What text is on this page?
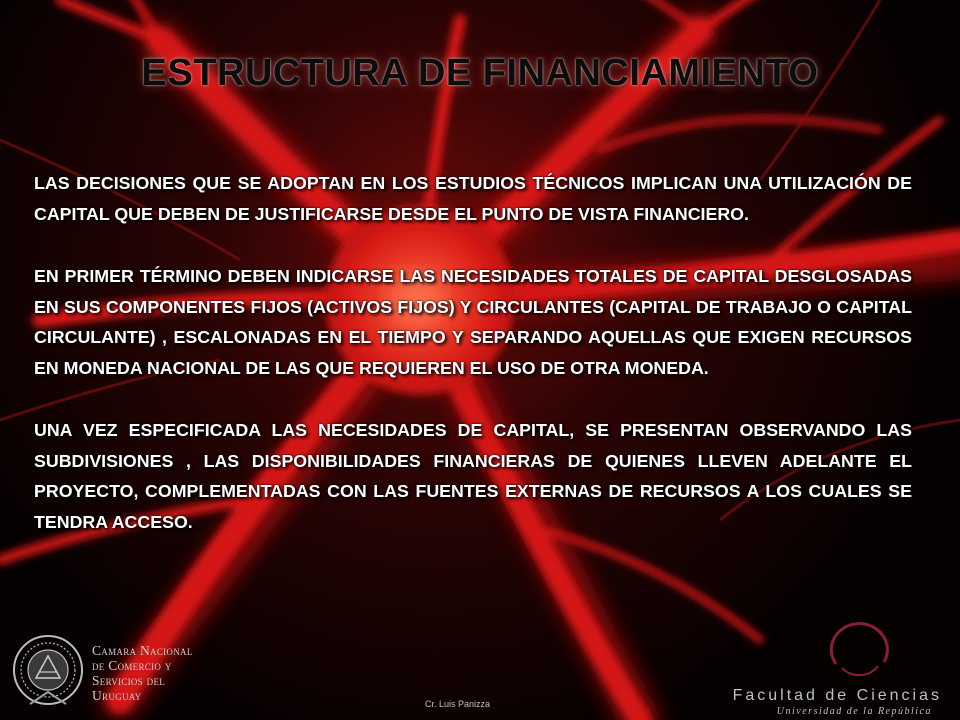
ESTRUCTURA DE FINANCIAMIENTO

LAS DECISIONES QUE SE ADOPTAN EN LOS ESTUDIOS TÉCNICOS IMPLICAN UNA UTILIZACIÓN DE CAPITAL QUE DEBEN DE JUSTIFICARSE DESDE EL PUNTO DE VISTA FINANCIERO.

EN PRIMER TÉRMINO DEBEN INDICARSE LAS NECESIDADES TOTALES DE CAPITAL DESGLOSADAS EN SUS COMPONENTES FIJOS (ACTIVOS FIJOS) Y CIRCULANTES (CAPITAL DE TRABAJO O CAPITAL CIRCULANTE) , ESCALONADAS EN EL TIEMPO Y SEPARANDO AQUELLAS QUE EXIGEN RECURSOS EN MONEDA NACIONAL DE LAS QUE REQUIEREN EL USO DE OTRA MONEDA.

UNA VEZ ESPECIFICADA LAS NECESIDADES DE CAPITAL, SE PRESENTAN OBSERVANDO LAS SUBDIVISIONES , LAS DISPONIBILIDADES FINANCIERAS DE QUIENES LLEVEN ADELANTE EL PROYECTO, COMPLEMENTADAS CON LAS FUENTES EXTERNAS DE RECURSOS A LOS CUALES SE TENDRA ACCESO.

Camara Nacional
de Comercio y
Servicios del
Uruguay
Cr. Luis Panizza	Facultad de Ciencias
Universidad de la República
